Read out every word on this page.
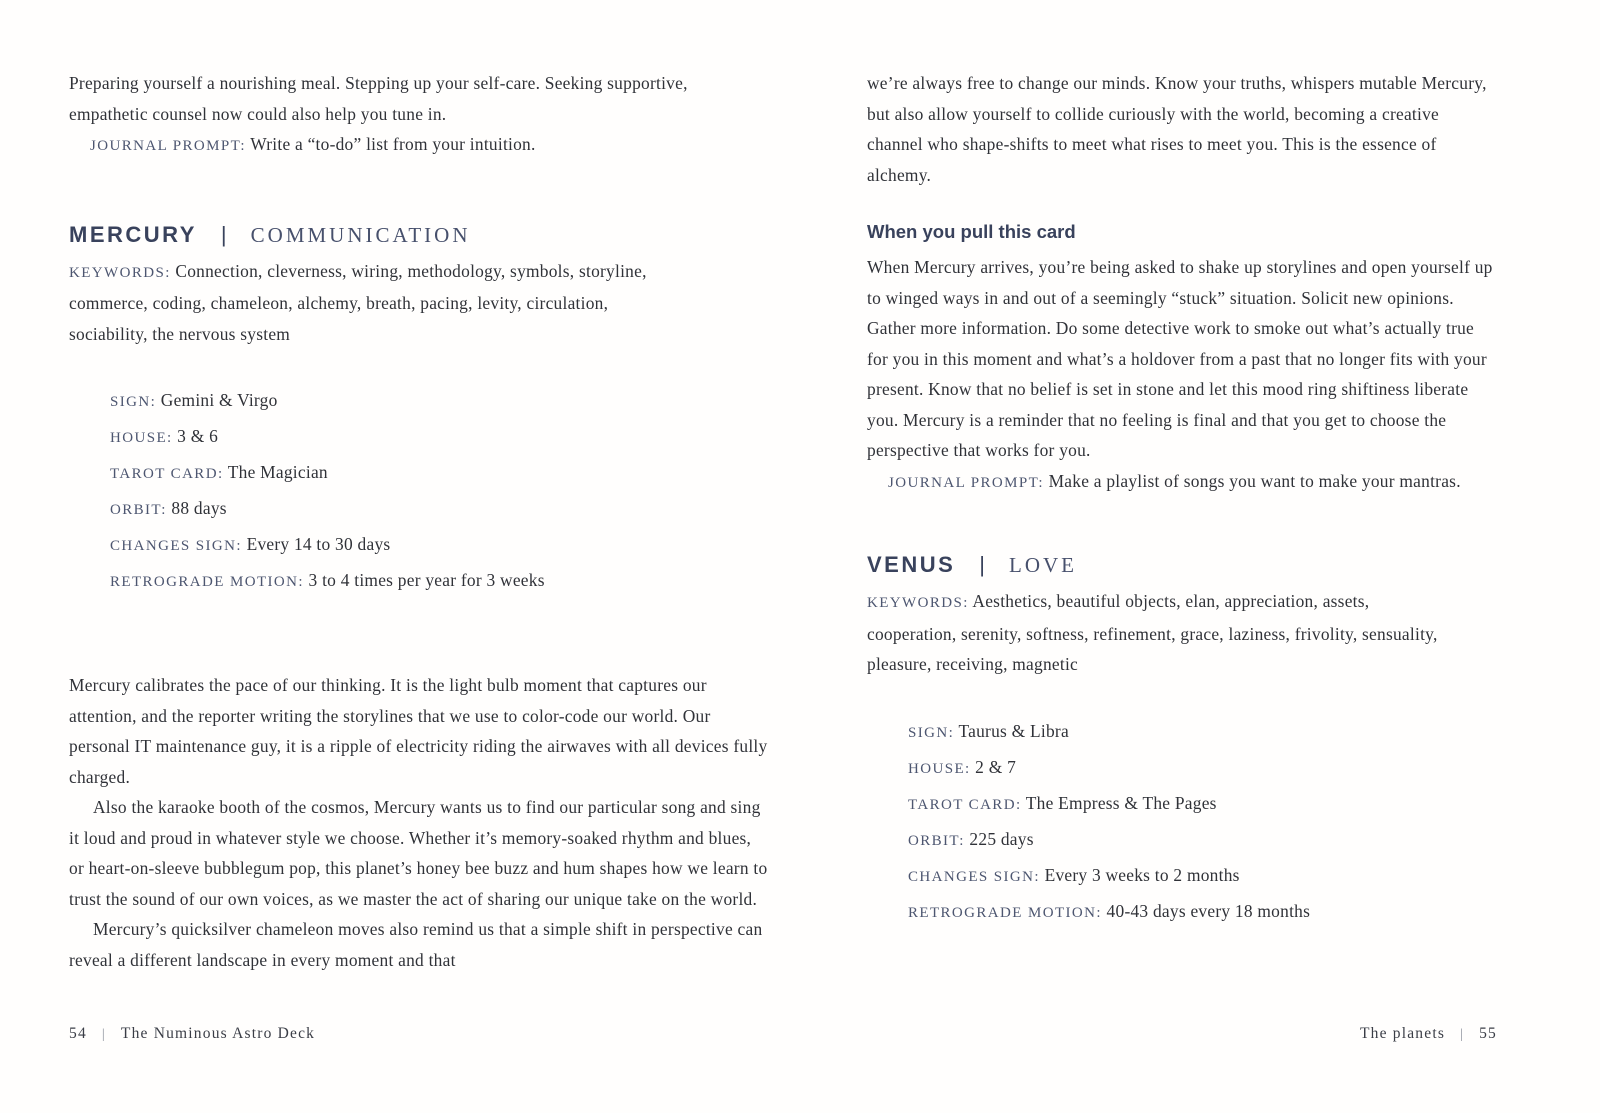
Preparing yourself a nourishing meal. Stepping up your self-care. Seeking supportive, empathetic counsel now could also help you tune in.

JOURNAL PROMPT: Write a “to-do” list from your intuition.

MERCURY | COMMUNICATION

KEYWORDS: Connection, cleverness, wiring, methodology, symbols, storyline, commerce, coding, chameleon, alchemy, breath, pacing, levity, circulation, sociability, the nervous system

SIGN: Gemini & Virgo

HOUSE: 3 & 6

TAROT CARD: The Magician

ORBIT: 88 days

CHANGES SIGN: Every 14 to 30 days

RETROGRADE MOTION: 3 to 4 times per year for 3 weeks

Mercury calibrates the pace of our thinking. It is the light bulb moment that captures our attention, and the reporter writing the storylines that we use to color-code our world. Our personal IT maintenance guy, it is a ripple of electricity riding the airwaves with all devices fully charged.

Also the karaoke booth of the cosmos, Mercury wants us to find our particular song and sing it loud and proud in whatever style we choose. Whether it’s memory-soaked rhythm and blues, or heart-on-sleeve bubblegum pop, this planet’s honey bee buzz and hum shapes how we learn to trust the sound of our own voices, as we master the act of sharing our unique take on the world.

Mercury’s quicksilver chameleon moves also remind us that a simple shift in perspective can reveal a different landscape in every moment and that

we’re always free to change our minds. Know your truths, whispers mutable Mercury, but also allow yourself to collide curiously with the world, becoming a creative channel who shape-shifts to meet what rises to meet you. This is the essence of alchemy.

When you pull this card

When Mercury arrives, you’re being asked to shake up storylines and open yourself up to winged ways in and out of a seemingly “stuck” situation. Solicit new opinions. Gather more information. Do some detective work to smoke out what’s actually true for you in this moment and what’s a holdover from a past that no longer fits with your present. Know that no belief is set in stone and let this mood ring shiftiness liberate you. Mercury is a reminder that no feeling is final and that you get to choose the perspective that works for you.

JOURNAL PROMPT: Make a playlist of songs you want to make your mantras.

VENUS | LOVE

KEYWORDS: Aesthetics, beautiful objects, elan, appreciation, assets, cooperation, serenity, softness, refinement, grace, laziness, frivolity, sensuality, pleasure, receiving, magnetic

SIGN: Taurus & Libra

HOUSE: 2 & 7

TAROT CARD: The Empress & The Pages

ORBIT: 225 days

CHANGES SIGN: Every 3 weeks to 2 months

RETROGRADE MOTION: 40-43 days every 18 months

54 | The Numinous Astro Deck	The planets | 55
